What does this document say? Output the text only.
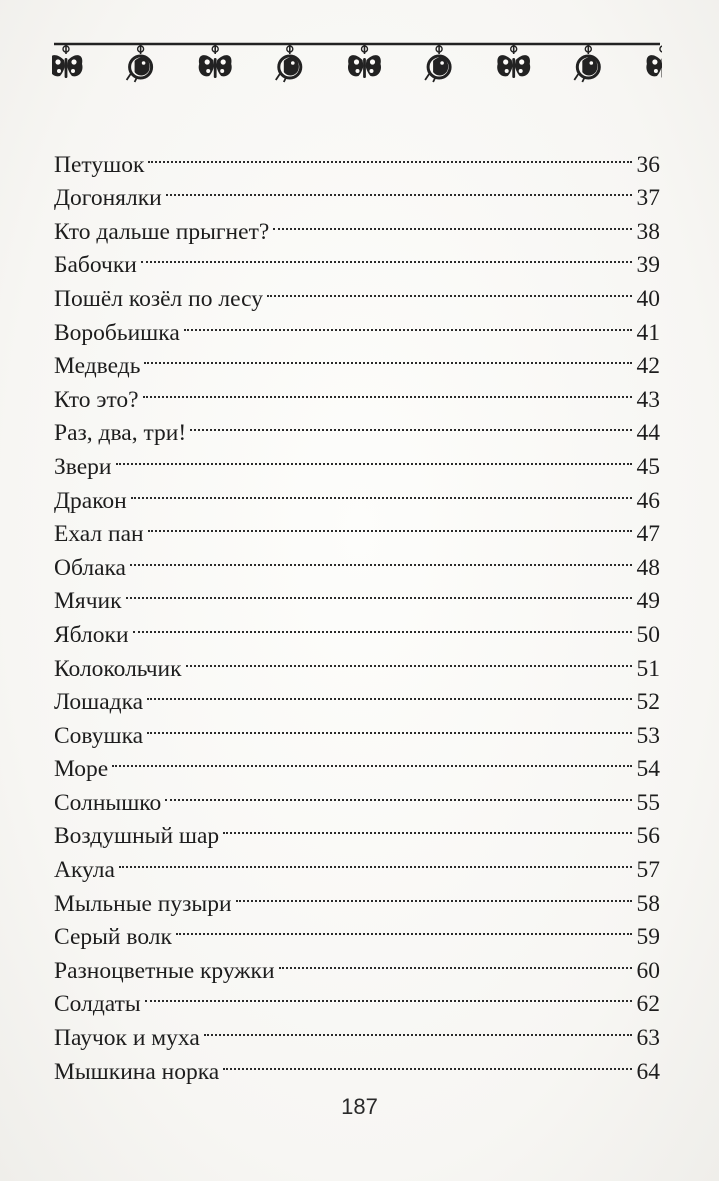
Петушок	36
Догонялки	37
Кто дальше прыгнет?	38
Бабочки	39
Пошёл козёл по лесу	40
Воробьишка	41
Медведь	42
Кто это?	43
Раз, два, три!	44
Звери	45
Дракон	46
Ехал пан	47
Облака	48
Мячик	49
Яблоки	50
Колокольчик	51
Лошадка	52
Совушка	53
Море	54
Солнышко	55
Воздушный шар	56
Акула	57
Мыльные пузыри	58
Серый волк	59
Разноцветные кружки	60
Солдаты	62
Паучок и муха	63
Мышкина норка	64
187
